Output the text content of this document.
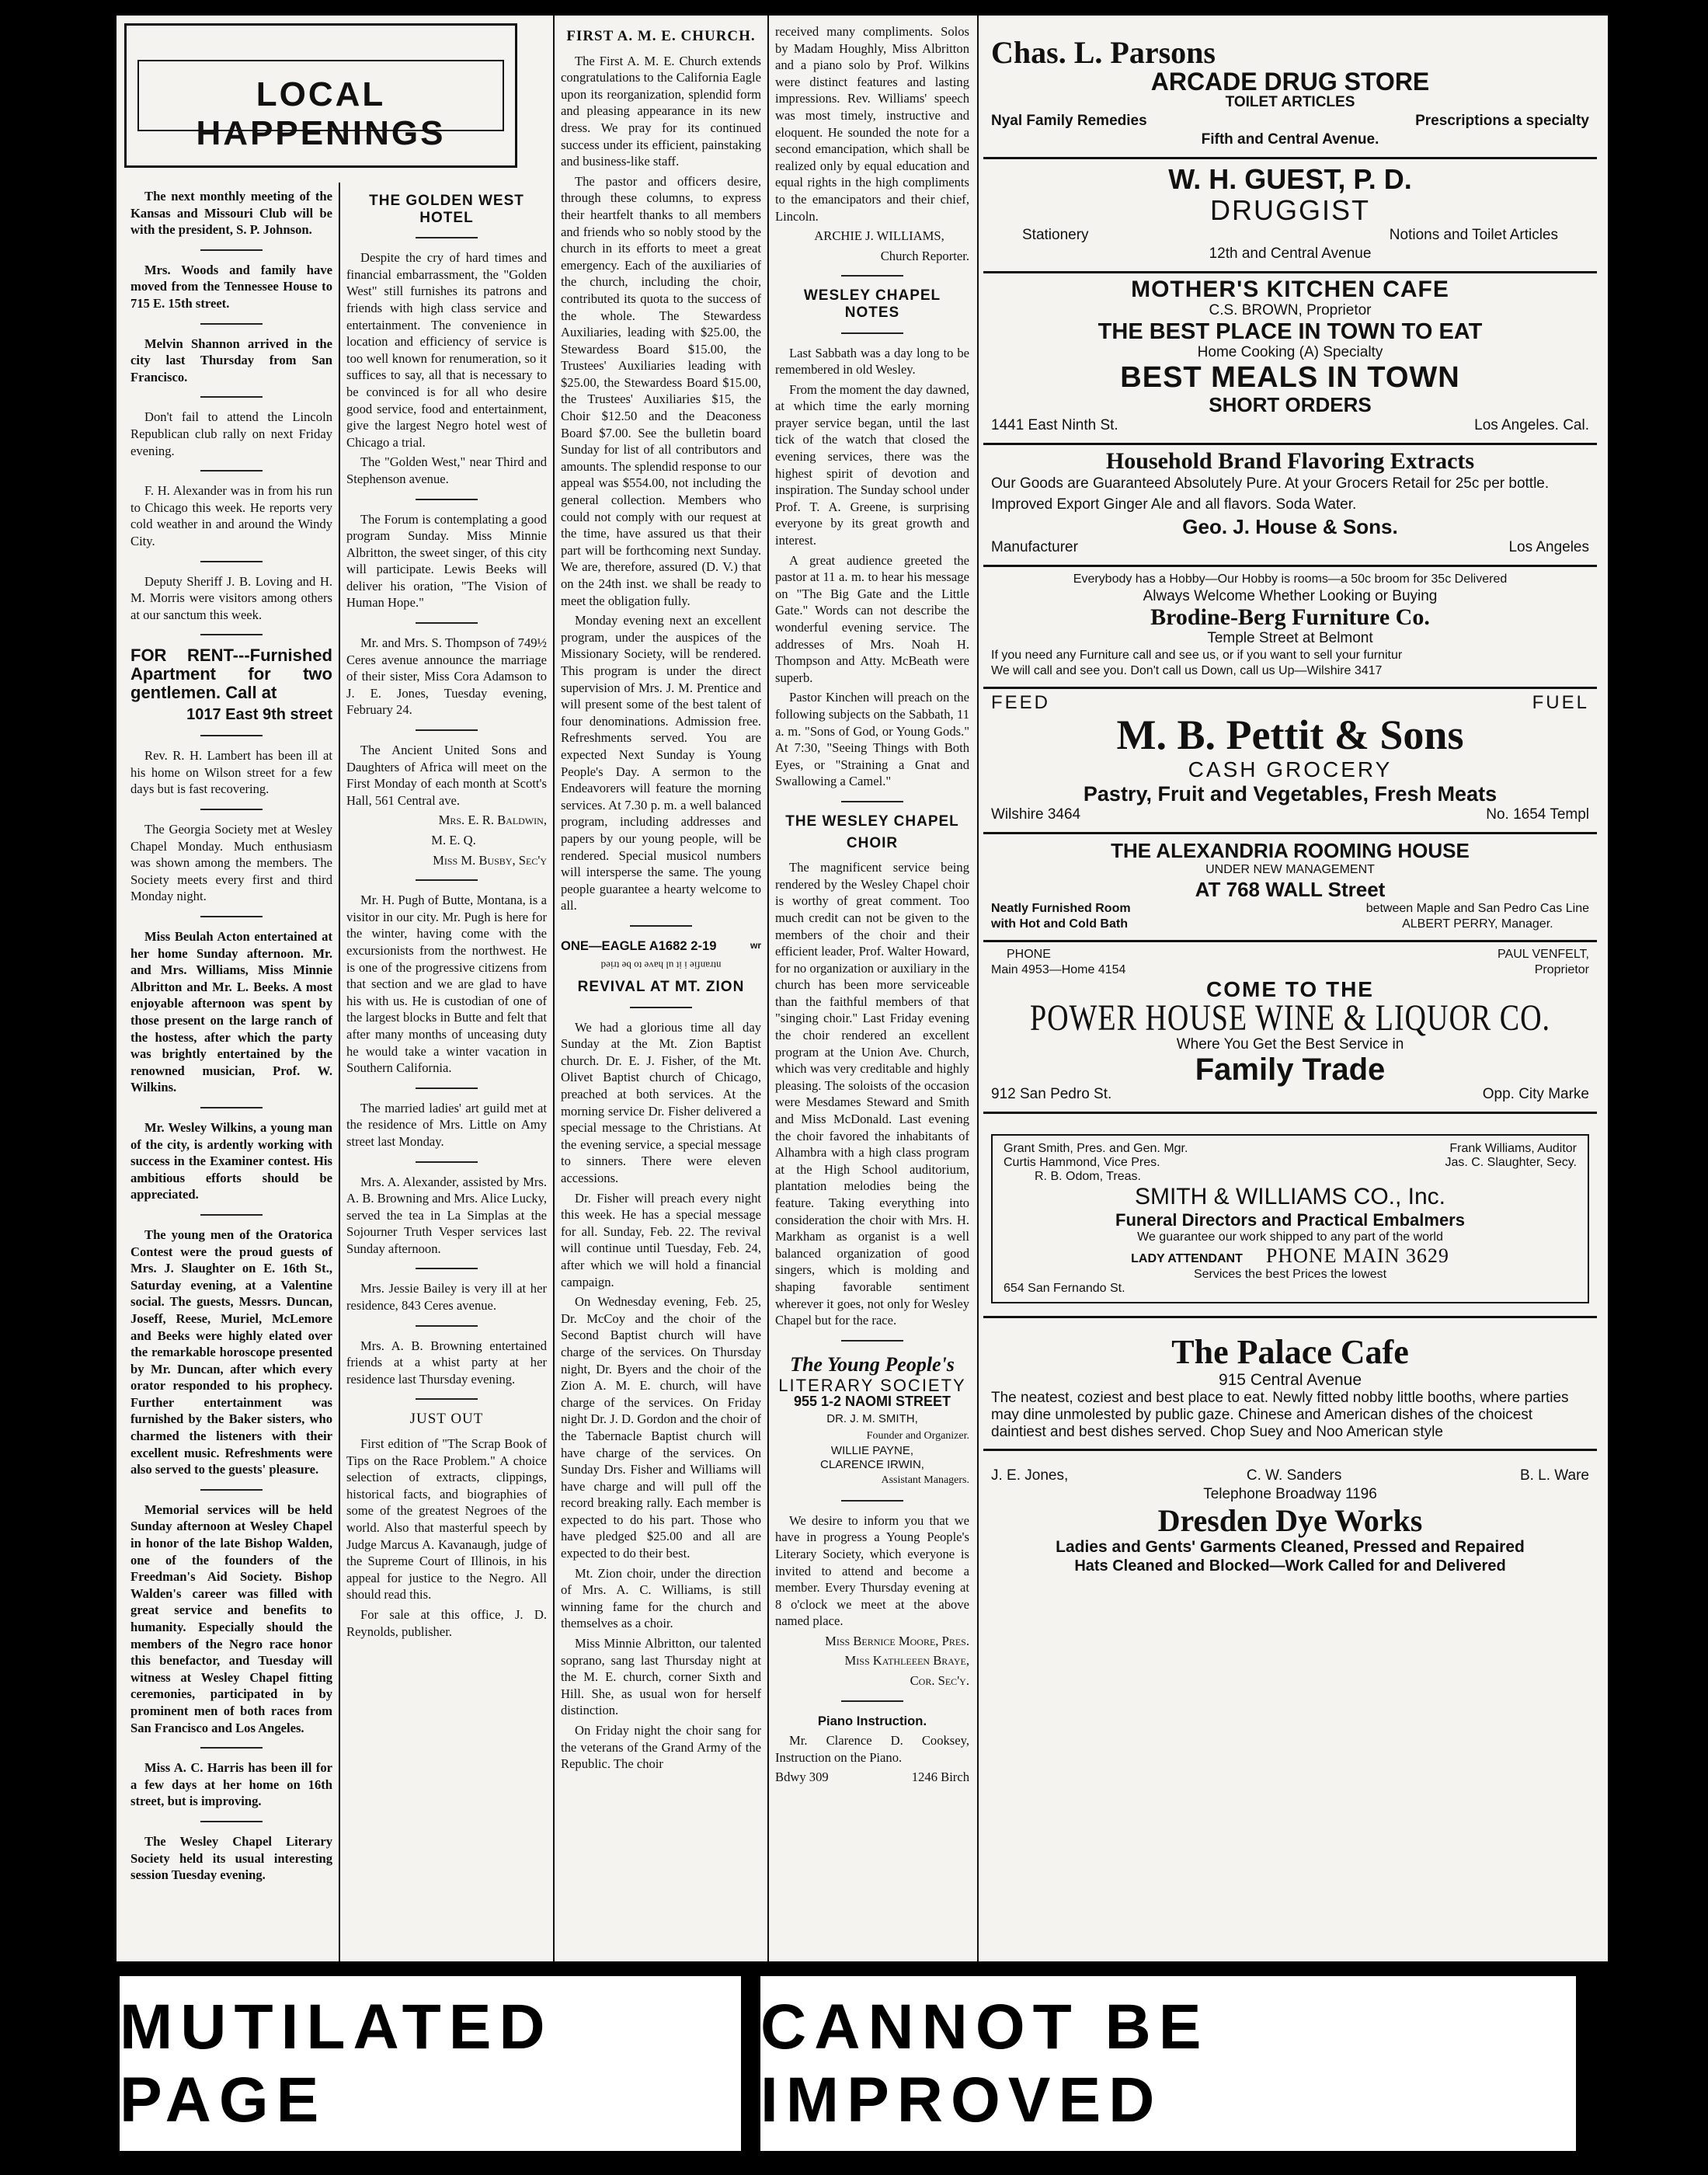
LOCAL HAPPENINGS

The next monthly meeting of the Kansas and Missouri Club will be with the president, S. P. Johnson.

Mrs. Woods and family have moved from the Tennessee House to 715 E. 15th street.

Melvin Shannon arrived in the city last Thursday from San Francisco.

Don't fail to attend the Lincoln Republican club rally on next Friday evening.

F. H. Alexander was in from his run to Chicago this week. He reports very cold weather in and around the Windy City.

Deputy Sheriff J. B. Loving and H. M. Morris were visitors among others at our sanctum this week.

FOR RENT---Furnished Apartment for two gentlemen. Call at

1017 East 9th street

Rev. R. H. Lambert has been ill at his home on Wilson street for a few days but is fast recovering.

The Georgia Society met at Wesley Chapel Monday. Much enthusiasm was shown among the members. The Society meets every first and third Monday night.

Miss Beulah Acton entertained at her home Sunday afternoon. Mr. and Mrs. Williams, Miss Minnie Albritton and Mr. L. Beeks. A most enjoyable afternoon was spent by those present on the large ranch of the hostess, after which the party was brightly entertained by the renowned musician, Prof. W. Wilkins.

Mr. Wesley Wilkins, a young man of the city, is ardently working with success in the Examiner contest. His ambitious efforts should be appreciated.

The young men of the Oratorica Contest were the proud guests of Mrs. J. Slaughter on E. 16th St., Saturday evening, at a Valentine social. The guests, Messrs. Duncan, Joseff, Reese, Muriel, McLemore and Beeks were highly elated over the remarkable horoscope presented by Mr. Duncan, after which every orator responded to his prophecy. Further entertainment was furnished by the Baker sisters, who charmed the listeners with their excellent music. Refreshments were also served to the guests' pleasure.

Memorial services will be held Sunday afternoon at Wesley Chapel in honor of the late Bishop Walden, one of the founders of the Freedman's Aid Society. Bishop Walden's career was filled with great service and benefits to humanity. Especially should the members of the Negro race honor this benefactor, and Tuesday will witness at Wesley Chapel fitting ceremonies, participated in by prominent men of both races from San Francisco and Los Angeles.

Miss A. C. Harris has been ill for a few days at her home on 16th street, but is improving.

The Wesley Chapel Literary Society held its usual interesting session Tuesday evening.

THE GOLDEN WEST HOTEL

Despite the cry of hard times and financial embarrassment, the "Golden West" still furnishes its patrons and friends with high class service and entertainment. The convenience in location and efficiency of service is too well known for renumeration, so it suffices to say, all that is necessary to be convinced is for all who desire good service, food and entertainment, give the largest Negro hotel west of Chicago a trial.

The "Golden West," near Third and Stephenson avenue.

The Forum is contemplating a good program Sunday. Miss Minnie Albritton, the sweet singer, of this city will participate. Lewis Beeks will deliver his oration, "The Vision of Human Hope."

Mr. and Mrs. S. Thompson of 749½ Ceres avenue announce the marriage of their sister, Miss Cora Adamson to J. E. Jones, Tuesday evening, February 24.

The Ancient United Sons and Daughters of Africa will meet on the First Monday of each month at Scott's Hall, 561 Central ave.

Mrs. E. R. Baldwin,

M. E. Q.

Miss M. Busby, Sec'y

Mr. H. Pugh of Butte, Montana, is a visitor in our city. Mr. Pugh is here for the winter, having come with the excursionists from the northwest. He is one of the progressive citizens from that section and we are glad to have his with us. He is custodian of one of the largest blocks in Butte and felt that after many months of unceasing duty he would take a winter vacation in Southern California.

The married ladies' art guild met at the residence of Mrs. Little on Amy street last Monday.

Mrs. A. Alexander, assisted by Mrs. A. B. Browning and Mrs. Alice Lucky, served the tea in La Simplas at the Sojourner Truth Vesper services last Sunday afternoon.

Mrs. Jessie Bailey is very ill at her residence, 843 Ceres avenue.

Mrs. A. B. Browning entertained friends at a whist party at her residence last Thursday evening.

JUST OUT

First edition of "The Scrap Book of Tips on the Race Problem." A choice selection of extracts, clippings, historical facts, and biographies of some of the greatest Negroes of the world. Also that masterful speech by Judge Marcus A. Kavanaugh, judge of the Supreme Court of Illinois, in his appeal for justice to the Negro. All should read this.

For sale at this office, J. D. Reynolds, publisher.

FIRST A. M. E. CHURCH.

The First A. M. E. Church extends congratulations to the California Eagle upon its reorganization, splendid form and pleasing appearance in its new dress. We pray for its continued success under its efficient, painstaking and business-like staff.

The pastor and officers desire, through these columns, to express their heartfelt thanks to all members and friends who so nobly stood by the church in its efforts to meet a great emergency. Each of the auxiliaries of the church, including the choir, contributed its quota to the success of the whole. The Stewardess Auxiliaries, leading with $25.00, the Stewardess Board $15.00, the Trustees' Auxiliaries leading with $25.00, the Stewardess Board $15.00, the Trustees' Auxiliaries $15, the Choir $12.50 and the Deaconess Board $7.00. See the bulletin board Sunday for list of all contributors and amounts. The splendid response to our appeal was $554.00, not including the general collection. Members who could not comply with our request at the time, have assured us that their part will be forthcoming next Sunday. We are, therefore, assured (D. V.) that on the 24th inst. we shall be ready to meet the obligation fully.

Monday evening next an excellent program, under the auspices of the Missionary Society, will be rendered. This program is under the direct supervision of Mrs. J. M. Prentice and will present some of the best talent of four denominations. Admission free. Refreshments served. You are expected Next Sunday is Young People's Day. A sermon to the Endeavorers will feature the morning services. At 7.30 p. m. a well balanced program, including addresses and papers by our young people, will be rendered. Special musicol numbers will intersperse the same. The young people guarantee a hearty welcome to all.

ONE—EAGLE A1682 2-19	wr

ntranfie i it ul have to be tried

REVIVAL AT MT. ZION

We had a glorious time all day Sunday at the Mt. Zion Baptist church. Dr. E. J. Fisher, of the Mt. Olivet Baptist church of Chicago, preached at both services. At the morning service Dr. Fisher delivered a special message to the Christians. At the evening service, a special message to sinners. There were eleven accessions.

Dr. Fisher will preach every night this week. He has a special message for all. Sunday, Feb. 22. The revival will continue until Tuesday, Feb. 24, after which we will hold a financial campaign.

On Wednesday evening, Feb. 25, Dr. McCoy and the choir of the Second Baptist church will have charge of the services. On Thursday night, Dr. Byers and the choir of the Zion A. M. E. church, will have charge of the services. On Friday night Dr. J. D. Gordon and the choir of the Tabernacle Baptist church will have charge of the services. On Sunday Drs. Fisher and Williams will have charge and will pull off the record breaking rally. Each member is expected to do his part. Those who have pledged $25.00 and all are expected to do their best.

Mt. Zion choir, under the direction of Mrs. A. C. Williams, is still winning fame for the church and themselves as a choir.

Miss Minnie Albritton, our talented soprano, sang last Thursday night at the M. E. church, corner Sixth and Hill. She, as usual won for herself distinction.

On Friday night the choir sang for the veterans of the Grand Army of the Republic. The choir

received many compliments. Solos by Madam Houghly, Miss Albritton and a piano solo by Prof. Wilkins were distinct features and lasting impressions. Rev. Williams' speech was most timely, instructive and eloquent. He sounded the note for a second emancipation, which shall be realized only by equal education and equal rights in the high compliments to the emancipators and their chief, Lincoln.

ARCHIE J. WILLIAMS,

Church Reporter.

WESLEY CHAPEL NOTES

Last Sabbath was a day long to be remembered in old Wesley.

From the moment the day dawned, at which time the early morning prayer service began, until the last tick of the watch that closed the evening services, there was the highest spirit of devotion and inspiration. The Sunday school under Prof. T. A. Greene, is surprising everyone by its great growth and interest.

A great audience greeted the pastor at 11 a. m. to hear his message on "The Big Gate and the Little Gate." Words can not describe the wonderful evening service. The addresses of Mrs. Noah H. Thompson and Atty. McBeath were superb.

Pastor Kinchen will preach on the following subjects on the Sabbath, 11 a. m. "Sons of God, or Young Gods." At 7:30, "Seeing Things with Both Eyes, or "Straining a Gnat and Swallowing a Camel."

THE WESLEY CHAPEL
CHOIR

The magnificent service being rendered by the Wesley Chapel choir is worthy of great comment. Too much credit can not be given to the members of the choir and their efficient leader, Prof. Walter Howard, for no organization or auxiliary in the church has been more serviceable than the faithful members of that "singing choir." Last Friday evening the choir rendered an excellent program at the Union Ave. Church, which was very creditable and highly pleasing. The soloists of the occasion were Mesdames Steward and Smith and Miss McDonald. Last evening the choir favored the inhabitants of Alhambra with a high class program at the High School auditorium, plantation melodies being the feature. Taking everything into consideration the choir with Mrs. H. Markham as organist is a well balanced organization of good singers, which is molding and shaping favorable sentiment wherever it goes, not only for Wesley Chapel but for the race.

The Young People's
LITERARY SOCIETY
955 1-2 NAOMI STREET
DR. J. M. SMITH,
Founder and Organizer.
WILLIE PAYNE,
CLARENCE IRWIN,
Assistant Managers.

We desire to inform you that we have in progress a Young People's Literary Society, which everyone is invited to attend and become a member. Every Thursday evening at 8 o'clock we meet at the above named place.

Miss Bernice Moore, Pres.

Miss Kathleeen Braye,

Cor. Sec'y.

Piano Instruction.

Mr. Clarence D. Cooksey, Instruction on the Piano.

Bdwy 309	1246 Birch
Chas. L. Parsons
ARCADE DRUG STORE
TOILET ARTICLES
Nyal Family Remedies	Prescriptions a specialty
Fifth and Central Avenue.
W. H. GUEST, P. D.
DRUGGIST
Stationery	Notions and Toilet Articles
12th and Central Avenue
MOTHER'S KITCHEN CAFE
C.S. BROWN, Proprietor
THE BEST PLACE IN TOWN TO EAT
Home Cooking (A) Specialty
BEST MEALS IN TOWN
SHORT ORDERS
1441 East Ninth St.	Los Angeles. Cal.
Household Brand Flavoring Extracts
Our Goods are Guaranteed Absolutely Pure. At your Grocers Retail for 25c per bottle. Improved Export Ginger Ale and all flavors. Soda Water.
Geo. J. House & Sons.
Manufacturer	Los Angeles
Everybody has a Hobby—Our Hobby is rooms—a 50c broom for 35c Delivered
Always Welcome Whether Looking or Buying
Brodine-Berg Furniture Co.
Temple Street at Belmont
If you need any Furniture call and see us, or if you want to sell your furnitur
We will call and see you. Don't call us Down, call us Up—Wilshire 3417
FEED	FUEL
M. B. Pettit & Sons
CASH GROCERY
Pastry, Fruit and Vegetables, Fresh Meats
Wilshire 3464	No. 1654 Templ
THE ALEXANDRIA ROOMING HOUSE
UNDER NEW MANAGEMENT
AT 768 WALL Street
Neatly Furnished Room
with Hot and Cold Bath
between Maple and San Pedro Cas Line
ALBERT PERRY, Manager.
PHONE
Main 4953—Home 4154
PAUL VENFELT,
Proprietor
COME TO THE
POWER HOUSE WINE & LIQUOR CO.
Where You Get the Best Service in
Family Trade
912 San Pedro St.	Opp. City Marke
Grant Smith, Pres. and Gen. Mgr.	Frank Williams, Auditor
Curtis Hammond, Vice Pres.	Jas. C. Slaughter, Secy.
R. B. Odom, Treas.
SMITH & WILLIAMS CO., Inc.
Funeral Directors and Practical Embalmers
We guarantee our work shipped to any part of the world
LADY ATTENDANT PHONE MAIN 3629
Services the best Prices the lowest
654 San Fernando St.
The Palace Cafe
915 Central Avenue
The neatest, coziest and best place to eat. Newly fitted nobby little booths, where parties may dine unmolested by public gaze. Chinese and American dishes of the choicest daintiest and best dishes served. Chop Suey and Noo American style
J. E. Jones,	C. W. Sanders	B. L. Ware
Telephone Broadway 1196
Dresden Dye Works
Ladies and Gents' Garments Cleaned, Pressed and Repaired
Hats Cleaned and Blocked—Work Called for and Delivered
MUTILATED PAGE
CANNOT BE IMPROVED
